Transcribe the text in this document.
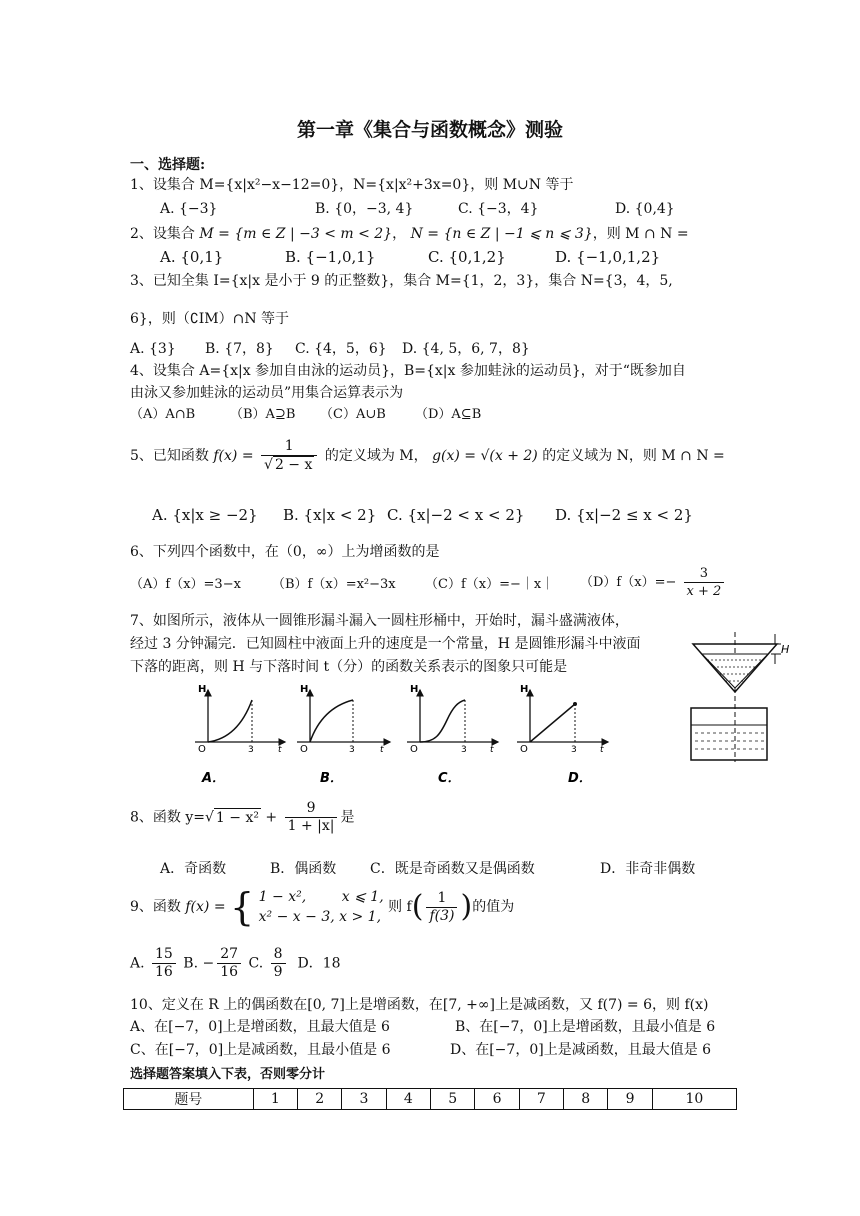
第一章《集合与函数概念》测验
一、选择题:
1、设集合 M={x|x²−x−12=0}，N={x|x²+3x=0}，则 M∪N 等于
A. {−3}	B. {0，−3, 4}	C. {−3，4}	D. {0,4}
2、设集合 M = {m ∈ Z | −3 < m < 2}， N = {n ∈ Z | −1 ⩽ n ⩽ 3}，则 M ∩ N =
A. {0,1}	B. {−1,0,1}	C. {0,1,2}	D. {−1,0,1,2}
3、已知全集 I={x|x 是小于 9 的正整数}，集合 M={1，2，3}，集合 N={3，4，5,
6}，则（∁IM）∩N 等于
A. {3} B. {7，8} C. {4，5，6} D. {4, 5，6, 7，8}
4、设集合 A={x|x 参加自由泳的运动员}，B={x|x 参加蛙泳的运动员}，对于“既参加自
由泳又参加蛙泳的运动员”用集合运算表示为
（A）A∩B	（B）A⊇B （C）A∪B （D）A⊆B
5、已知函数 $f(x) = \frac{1}{√ 2 - x}$ 的定义域为 M， g(x) = √(x + 2) 的定义域为 N，则 M ∩ N =
A. {x|x ≥ −2} B. {x|x < 2} C. {x|−2 < x < 2} D. {x|−2 ≤ x < 2}
6、下列四个函数中，在（0，∞）上为增函数的是
（A）f（x）=3−x （B）f（x）=x²−3x （C）f（x）=−｜x｜ $(D)f(x)=- \frac{3}{x + 2}$
7、如图所示，液体从一圆锥形漏斗漏入一圆柱形桶中，开始时，漏斗盛满液体，
经过 3 分钟漏完．已知圆柱中液面上升的速度是一个常量，H 是圆锥形漏斗中液面
下落的距离，则 H 与下落时间 t（分）的函数关系表示的图象只可能是
H
O	3	t
H
O	3	t
H
O	3	t
H
O	3	t
A．	B．	C．	D．
H
8、函数 y=√ $1 - x^2 + \frac{9}{1 + |x|}$ 是
A．奇函数	B．偶函数 C．既是奇函数又是偶函数	D．非奇非偶数
9、函数 f(x) = { 1 − x²,	x ⩽ 1,
x² − x − 3, x > 1,
则 $f( \frac{1}{f(3)}$ )的值为
A. $\frac{15}{16} B$. − $\frac{27}{16} C$. $\frac{8}{9}$ D．18
10、定义在 R 上的偶函数在[0, 7]上是增函数，在[7, +∞]上是减函数，又 f(7) = 6，则 f(x)
A、在[−7，0]上是增函数，且最大值是 6	B、在[−7，0]上是增函数，且最小值是 6
C、在[−7，0]上是减函数，且最小值是 6	D、在[−7，0]上是减函数，且最大值是 6
选择题答案填入下表，否则零分计
题号	1	2	3	4	5	6	7	8	9	10
